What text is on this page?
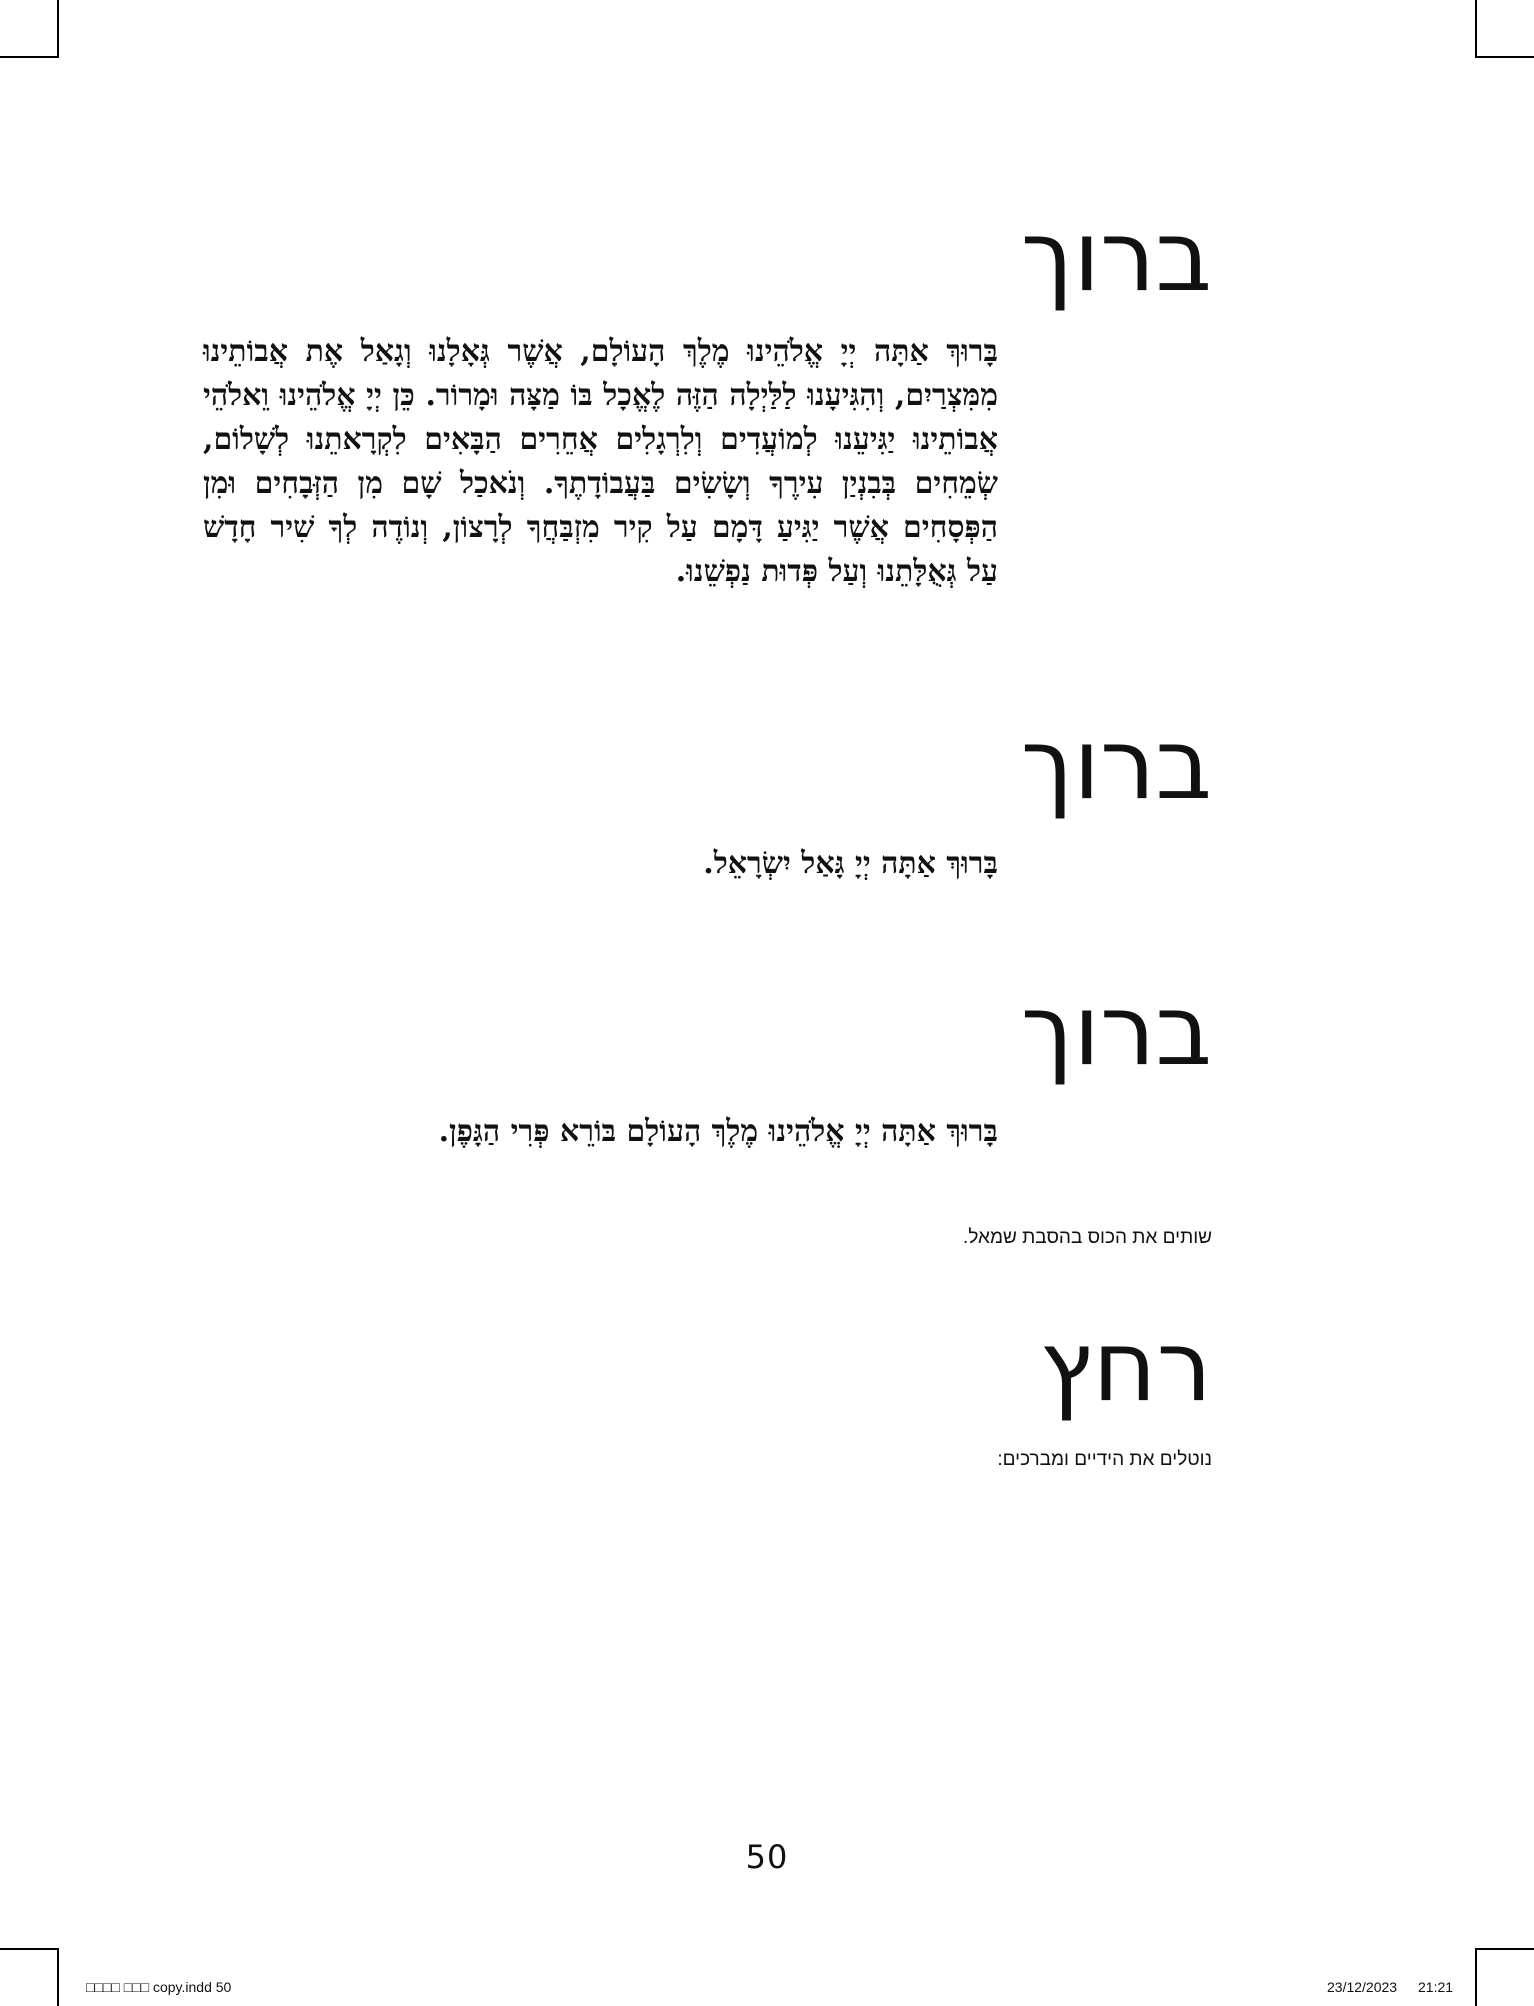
ברוך

בָּרוּךְ אַתָּה יְיָ אֱלֹהֵינוּ מֶלֶךְ הָעוֹלָם, אֲשֶׁר גְּאָלָנוּ וְגָאַל אֶת אֲבוֹתֵינוּ מִמִּצְרַיִם, וְהִגִּיעָנוּ לַלַּיְלָה הַזֶּה לֶאֱכָל בּוֹ מַצָּה וּמָרוֹר. כֵּן יְיָ אֱלֹהֵינוּ וֵאלֹהֵי אֲבוֹתֵינוּ יַגִּיעֵנוּ לְמוֹעֲדִים וְלִרְגָלִים אֲחֵרִים הַבָּאִים לִקְרָאתֵנוּ לְשָׁלוֹם, שְׂמֵחִים בְּבִנְיַן עִירֶךָ וְשָׂשִׂים בַּעֲבוֹדָתֶךָ. וְנֹאכַל שָׁם מִן הַזְּבָחִים וּמִן הַפְּסָחִים אֲשֶׁר יַגִּיעַ דָּמָם עַל קִיר מִזְבַּחֲךָ לְרָצוֹן, וְנוֹדֶה לְךָ שִׁיר חָדָשׁ עַל גְּאֻלָּתֵנוּ וְעַל פְּדוּת נַפְשֵׁנוּ.

ברוך

בָּרוּךְ אַתָּה יְיָ גָּאַל יִשְׂרָאֵל.

ברוך

בָּרוּךְ אַתָּה יְיָ אֱלֹהֵינוּ מֶלֶךְ הָעוֹלָם בּוֹרֵא פְּרִי הַגָּפֶן.

שותים את הכוס בהסבת שמאל.

רחץ

נוטלים את הידיים ומברכים:

50
□□□□ □□□ copy.indd 50	23/12/2023 21:21
